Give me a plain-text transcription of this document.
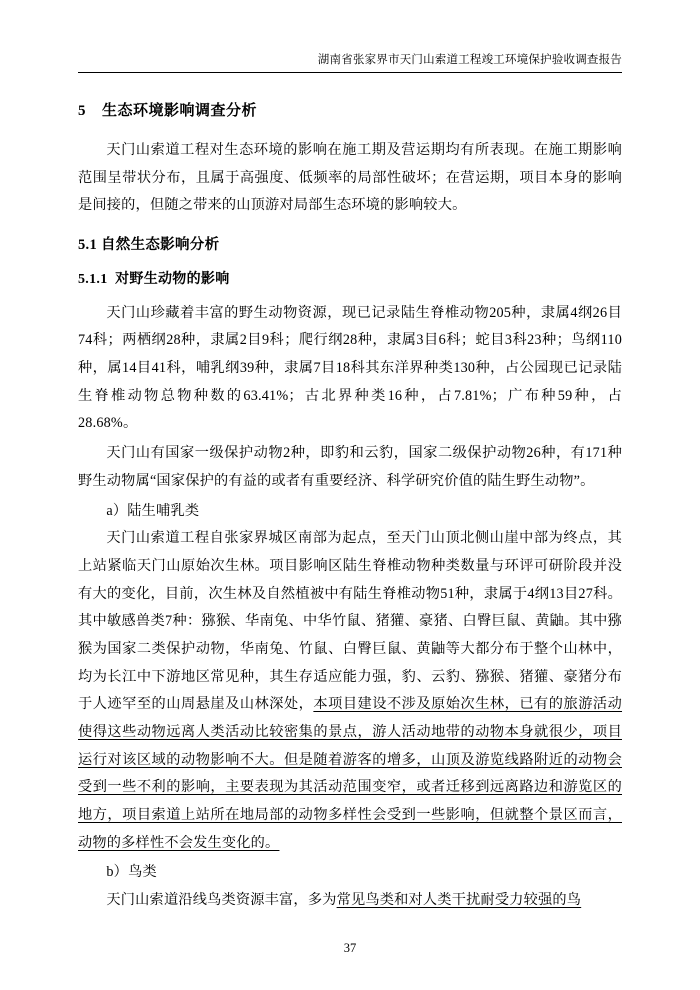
湖南省张家界市天门山索道工程竣工环境保护验收调查报告
5 生态环境影响调查分析

天门山索道工程对生态环境的影响在施工期及营运期均有所表现。在施工期影响范围呈带状分布，且属于高强度、低频率的局部性破坏；在营运期，项目本身的影响是间接的，但随之带来的山顶游对局部生态环境的影响较大。

5.1 自然生态影响分析
5.1.1 对野生动物的影响

天门山珍藏着丰富的野生动物资源，现已记录陆生脊椎动物205种，隶属4纲26目74科；两栖纲28种，隶属2目9科；爬行纲28种，隶属3目6科；蛇目3科23种；鸟纲110种，属14目41科，哺乳纲39种，隶属7目18科其东洋界种类130种，占公园现已记录陆生脊椎动物总物种数的63.41%；古北界种类16种，占7.81%；广布种59种，占28.68%。

天门山有国家一级保护动物2种，即豹和云豹，国家二级保护动物26种，有171种野生动物属“国家保护的有益的或者有重要经济、科学研究价值的陆生野生动物”。

a）陆生哺乳类

天门山索道工程自张家界城区南部为起点，至天门山顶北侧山崖中部为终点，其上站紧临天门山原始次生林。项目影响区陆生脊椎动物种类数量与环评可研阶段并没有大的变化，目前，次生林及自然植被中有陆生脊椎动物51种，隶属于4纲13目27科。其中敏感兽类7种：猕猴、华南兔、中华竹鼠、猪獾、豪猪、白臀巨鼠、黄鼬。其中猕猴为国家二类保护动物，华南兔、竹鼠、白臀巨鼠、黄鼬等大都分布于整个山林中，均为长江中下游地区常见种，其生存适应能力强，豹、云豹、猕猴、猪獾、豪猪分布于人迹罕至的山周悬崖及山林深处，本项目建设不涉及原始次生林，已有的旅游活动使得这些动物远离人类活动比较密集的景点，游人活动地带的动物本身就很少，项目运行对该区域的动物影响不大。但是随着游客的增多，山顶及游览线路附近的动物会受到一些不利的影响，主要表现为其活动范围变窄，或者迁移到远离路边和游览区的地方，项目索道上站所在地局部的动物多样性会受到一些影响，但就整个景区而言，动物的多样性不会发生变化的。

b）鸟类

天门山索道沿线鸟类资源丰富，多为常见鸟类和对人类干扰耐受力较强的鸟

37
